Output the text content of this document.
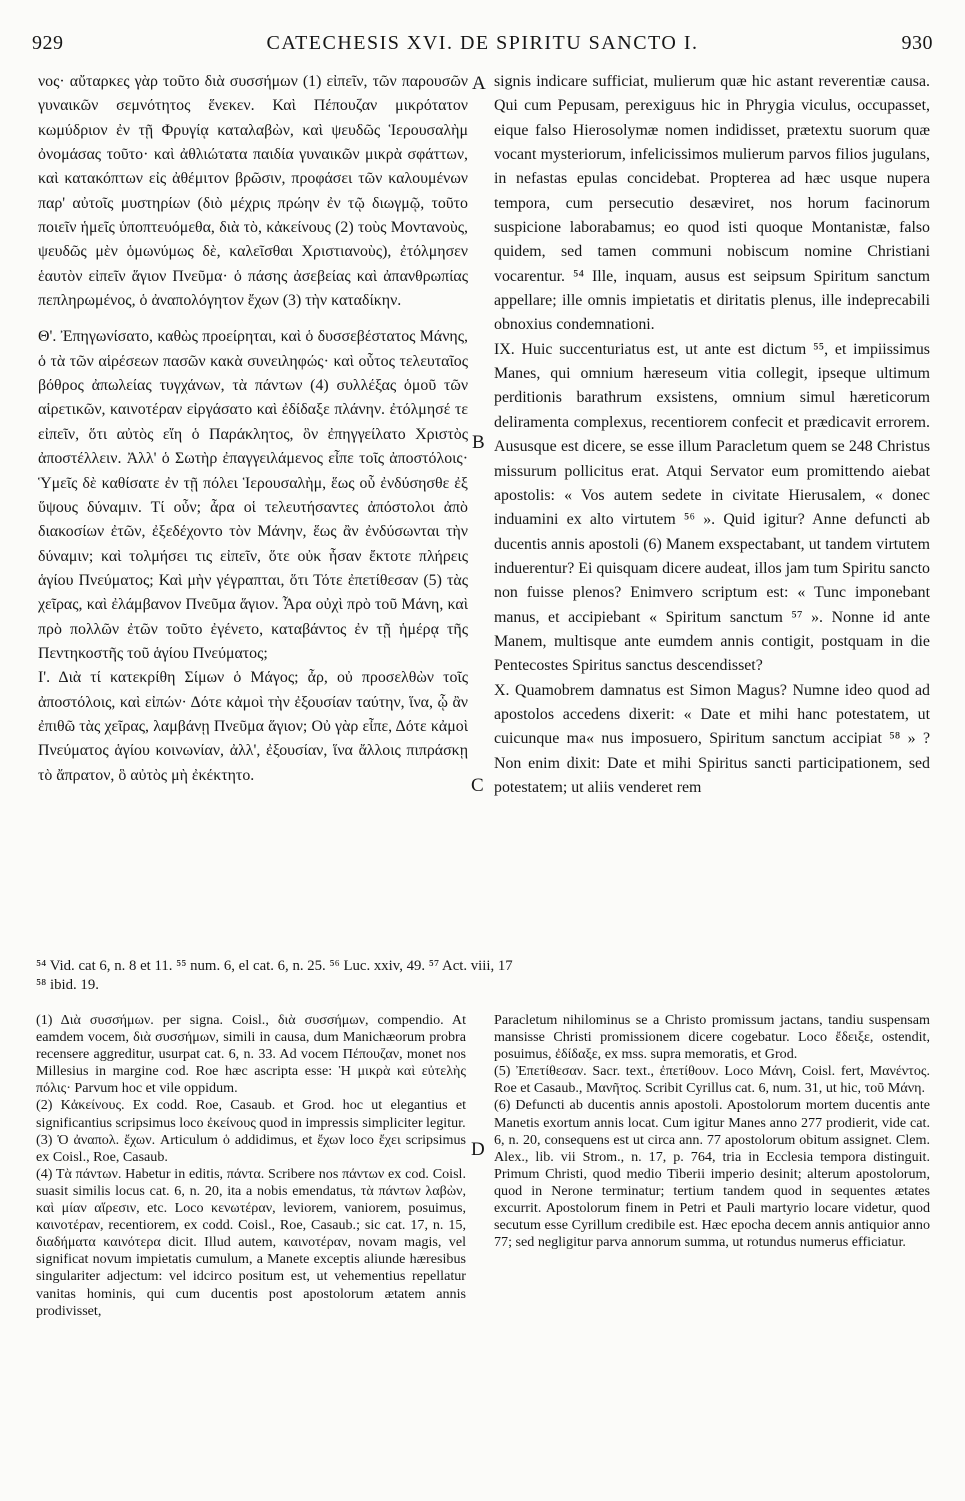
929	CATECHESIS XVI. DE SPIRITU SANCTO I.	930

νος· αὔταρκες γὰρ τοῦτο διὰ συσσήμων (1) εἰπεῖν, τῶν παρουσῶν γυναικῶν σεμνότητος ἕνεκεν. Καὶ Πέπουζαν μικρότατον κωμύδριον ἐν τῇ Φρυγίᾳ καταλαβὼν, καὶ ψευδῶς Ἱερουσαλὴμ ὀνομάσας τοῦτο· καὶ ἀθλιώτατα παιδία γυναικῶν μικρὰ σφάττων, καὶ κατακόπτων εἰς ἀθέμιτον βρῶσιν, προφάσει τῶν καλουμένων παρ' αὐτοῖς μυστηρίων (διὸ μέχρις πρώην ἐν τῷ διωγμῷ, τοῦτο ποιεῖν ἡμεῖς ὑποπτευόμεθα, διὰ τὸ, κἀκείνους (2) τοὺς Μοντανοὺς, ψευδῶς μὲν ὁμωνύμως δὲ, καλεῖσθαι Χριστιανοὺς), ἐτόλμησεν ἑαυτὸν εἰπεῖν ἅγιον Πνεῦμα· ὁ πάσης ἀσεβείας καὶ ἀπανθρωπίας πεπληρωμένος, ὁ ἀναπολόγητον ἔχων (3) τὴν καταδίκην.

Θ'. Ἐπηγωνίσατο, καθὼς προείρηται, καὶ ὁ δυσσεβέστατος Μάνης, ὁ τὰ τῶν αἱρέσεων πασῶν κακὰ συνειληφώς· καὶ οὗτος τελευταῖος βόθρος ἀπωλείας τυγχάνων, τὰ πάντων (4) συλλέξας ὁμοῦ τῶν αἱρετικῶν, καινοτέραν εἰργάσατο καὶ ἐδίδαξε πλάνην. ἐτόλμησέ τε εἰπεῖν, ὅτι αὐτὸς εἴη ὁ Παράκλητος, ὃν ἐπηγγείλατο Χριστὸς ἀποστέλλειν. Ἀλλ' ὁ Σωτὴρ ἐπαγγειλάμενος εἶπε τοῖς ἀποστόλοις· Ὑμεῖς δὲ καθίσατε ἐν τῇ πόλει Ἱερουσαλὴμ, ἕως οὗ ἐνδύσησθε ἐξ ὕψους δύναμιν. Τί οὖν; ἆρα οἱ τελευτήσαντες ἀπόστολοι ἀπὸ διακοσίων ἐτῶν, ἐξεδέχοντο τὸν Μάνην, ἕως ἂν ἐνδύσωνται τὴν δύναμιν; καὶ τολμήσει τις εἰπεῖν, ὅτε οὐκ ἦσαν ἔκτοτε πλήρεις ἁγίου Πνεύματος; Καὶ μὴν γέγραπται, ὅτι Τότε ἐπετίθεσαν (5) τὰς χεῖρας, καὶ ἐλάμβανον Πνεῦμα ἅγιον. Ἆρα οὐχὶ πρὸ τοῦ Μάνη, καὶ πρὸ πολλῶν ἐτῶν τοῦτο ἐγένετο, καταβάντος ἐν τῇ ἡμέρᾳ τῆς Πεντηκοστῆς τοῦ ἁγίου Πνεύματος;

Ι'. Διὰ τί κατεκρίθη Σίμων ὁ Μάγος; ἆρ, οὐ προσελθὼν τοῖς ἀποστόλοις, καὶ εἰπών· Δότε κἀμοὶ τὴν ἐξουσίαν ταύτην, ἵνα, ᾧ ἂν ἐπιθῶ τὰς χεῖρας, λαμβάνῃ Πνεῦμα ἅγιον; Οὐ γὰρ εἶπε, Δότε κἀμοὶ Πνεύματος ἁγίου κοινωνίαν, ἀλλ', ἐξουσίαν, ἵνα ἄλλοις πιπράσκῃ τὸ ἄπρατον, ὃ αὐτὸς μὴ ἐκέκτητο.

signis indicare sufficiat, mulierum quæ hic astant reverentiæ causa. Qui cum Pepusam, perexiguus hic in Phrygia viculus, occupasset, eique falso Hierosolymæ nomen indidisset, prætextu suorum quæ vocant mysteriorum, infelicissimos mulierum parvos filios jugulans, in nefastas epulas concidebat. Propterea ad hæc usque nupera tempora, cum persecutio desæviret, nos horum facinorum suspicione laborabamus; eo quod isti quoque Montanistæ, falso quidem, sed tamen communi nobiscum nomine Christiani vocarentur. ⁵⁴ Ille, inquam, ausus est seipsum Spiritum sanctum appellare; ille omnis impietatis et diritatis plenus, ille indeprecabili obnoxius condemnationi.

IX. Huic succenturiatus est, ut ante est dictum ⁵⁵, et impiissimus Manes, qui omnium hæreseum vitia collegit, ipseque ultimum perditionis barathrum exsistens, omnium simul hæreticorum deliramenta complexus, recentiorem confecit et prædicavit errorem. Aususque est dicere, se esse illum Paracletum quem se 248 Christus missurum pollicitus erat. Atqui Servator eum promittendo aiebat apostolis: « Vos autem sedete in civitate Hierusalem, « donec induamini ex alto virtutem ⁵⁶ ». Quid igitur? Anne defuncti ab ducentis annis apostoli (6) Manem exspectabant, ut tandem virtutem induerentur? Ei quisquam dicere audeat, illos jam tum Spiritu sancto non fuisse plenos? Enimvero scriptum est: « Tunc imponebant manus, et accipiebant « Spiritum sanctum ⁵⁷ ». Nonne id ante Manem, multisque ante eumdem annis contigit, postquam in die Pentecostes Spiritus sanctus descendisset?

X. Quamobrem damnatus est Simon Magus? Numne ideo quod ad apostolos accedens dixerit: « Date et mihi hanc potestatem, ut cuicunque ma« nus imposuero, Spiritum sanctum accipiat ⁵⁸ » ? Non enim dixit: Date et mihi Spiritus sancti participationem, sed potestatem; ut aliis venderet rem

A
B
C
D
⁵⁴ Vid. cat 6, n. 8 et 11. ⁵⁵ num. 6, el cat. 6, n. 25. ⁵⁶ Luc. xxiv, 49. ⁵⁷ Act. viii, 17
⁵⁸ ibid. 19.

(1) Διὰ συσσήμων. per signa. Coisl., διὰ συσσήμων, compendio. At eamdem vocem, διὰ συσσήμων, simili in causa, dum Manichæorum probra recensere aggreditur, usurpat cat. 6, n. 33. Ad vocem Πέπουζαν, monet nos Millesius in margine cod. Roe hæc ascripta esse: Ἡ μικρὰ καὶ εὐτελὴς πόλις· Parvum hoc et vile oppidum.

(2) Κἀκείνους. Ex codd. Roe, Casaub. et Grod. hoc ut elegantius et significantius scripsimus loco ἐκείνους quod in impressis simpliciter legitur.

(3) Ὁ ἀναπολ. ἔχων. Articulum ὁ addidimus, et ἔχων loco ἔχει scripsimus ex Coisl., Roe, Casaub.

(4) Τὰ πάντων. Habetur in editis, πάντα. Scribere nos πάντων ex cod. Coisl. suasit similis locus cat. 6, n. 20, ita a nobis emendatus, τὰ πάντων λαβὼν, καὶ μίαν αἵρεσιν, etc. Loco κενωτέραν, leviorem, vaniorem, posuimus, καινοτέραν, recentiorem, ex codd. Coisl., Roe, Casaub.; sic cat. 17, n. 15, διαδήματα καινότερα dicit. Illud autem, καινοτέραν, novam magis, vel significat novum impietatis cumulum, a Manete exceptis aliunde hæresibus singulariter adjectum: vel idcirco positum est, ut vehementius repellatur vanitas hominis, qui cum ducentis post apostolorum ætatem annis prodivisset,

Paracletum nihilominus se a Christo promissum jactans, tandiu suspensam mansisse Christi promissionem dicere cogebatur. Loco ἔδειξε, ostendit, posuimus, ἐδίδαξε, ex mss. supra memoratis, et Grod.

(5) Ἐπετίθεσαν. Sacr. text., ἐπετίθουν. Loco Μάνη, Coisl. fert, Μανέντος. Roe et Casaub., Μανῆτος. Scribit Cyrillus cat. 6, num. 31, ut hic, τοῦ Μάνη.

(6) Defuncti ab ducentis annis apostoli. Apostolorum mortem ducentis ante Manetis exortum annis locat. Cum igitur Manes anno 277 prodierit, vide cat. 6, n. 20, consequens est ut circa ann. 77 apostolorum obitum assignet. Clem. Alex., lib. vii Strom., n. 17, p. 764, tria in Ecclesia tempora distinguit. Primum Christi, quod medio Tiberii imperio desinit; alterum apostolorum, quod in Nerone terminatur; tertium tandem quod in sequentes ætates excurrit. Apostolorum finem in Petri et Pauli martyrio locare videtur, quod secutum esse Cyrillum credibile est. Hæc epocha decem annis antiquior anno 77; sed negligitur parva annorum summa, ut rotundus numerus efficiatur.
